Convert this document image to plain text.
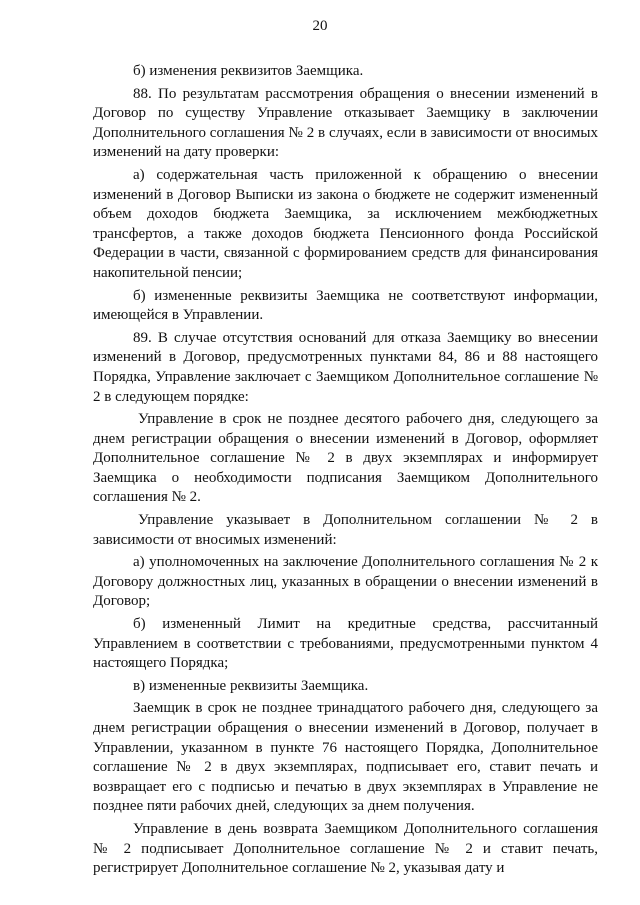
20

б) изменения реквизитов Заемщика.

88. По результатам рассмотрения обращения о внесении изменений в Договор по существу Управление отказывает Заемщику в заключении Дополнительного соглашения № 2 в случаях, если в зависимости от вносимых изменений на дату проверки:

а) содержательная часть приложенной к обращению о внесении изменений в Договор Выписки из закона о бюджете не содержит измененный объем доходов бюджета Заемщика, за исключением межбюджетных трансфертов, а также доходов бюджета Пенсионного фонда Российской Федерации в части, связанной с формированием средств для финансирования накопительной пенсии;

б) измененные реквизиты Заемщика не соответствуют информации, имеющейся в Управлении.

89. В случае отсутствия оснований для отказа Заемщику во внесении изменений в Договор, предусмотренных пунктами 84, 86 и 88 настоящего Порядка, Управление заключает с Заемщиком Дополнительное соглашение № 2 в следующем порядке:

Управление в срок не позднее десятого рабочего дня, следующего за днем регистрации обращения о внесении изменений в Договор, оформляет Дополнительное соглашение № 2 в двух экземплярах и информирует Заемщика о необходимости подписания Заемщиком Дополнительного соглашения № 2.

Управление указывает в Дополнительном соглашении № 2 в зависимости от вносимых изменений:

а) уполномоченных на заключение Дополнительного соглашения № 2 к Договору должностных лиц, указанных в обращении о внесении изменений в Договор;

б) измененный Лимит на кредитные средства, рассчитанный Управлением в соответствии с требованиями, предусмотренными пунктом 4 настоящего Порядка;

в) измененные реквизиты Заемщика.

Заемщик в срок не позднее тринадцатого рабочего дня, следующего за днем регистрации обращения о внесении изменений в Договор, получает в Управлении, указанном в пункте 76 настоящего Порядка, Дополнительное соглашение № 2 в двух экземплярах, подписывает его, ставит печать и возвращает его с подписью и печатью в двух экземплярах в Управление не позднее пяти рабочих дней, следующих за днем получения.

Управление в день возврата Заемщиком Дополнительного соглашения № 2 подписывает Дополнительное соглашение № 2 и ставит печать, регистрирует Дополнительное соглашение № 2, указывая дату и
